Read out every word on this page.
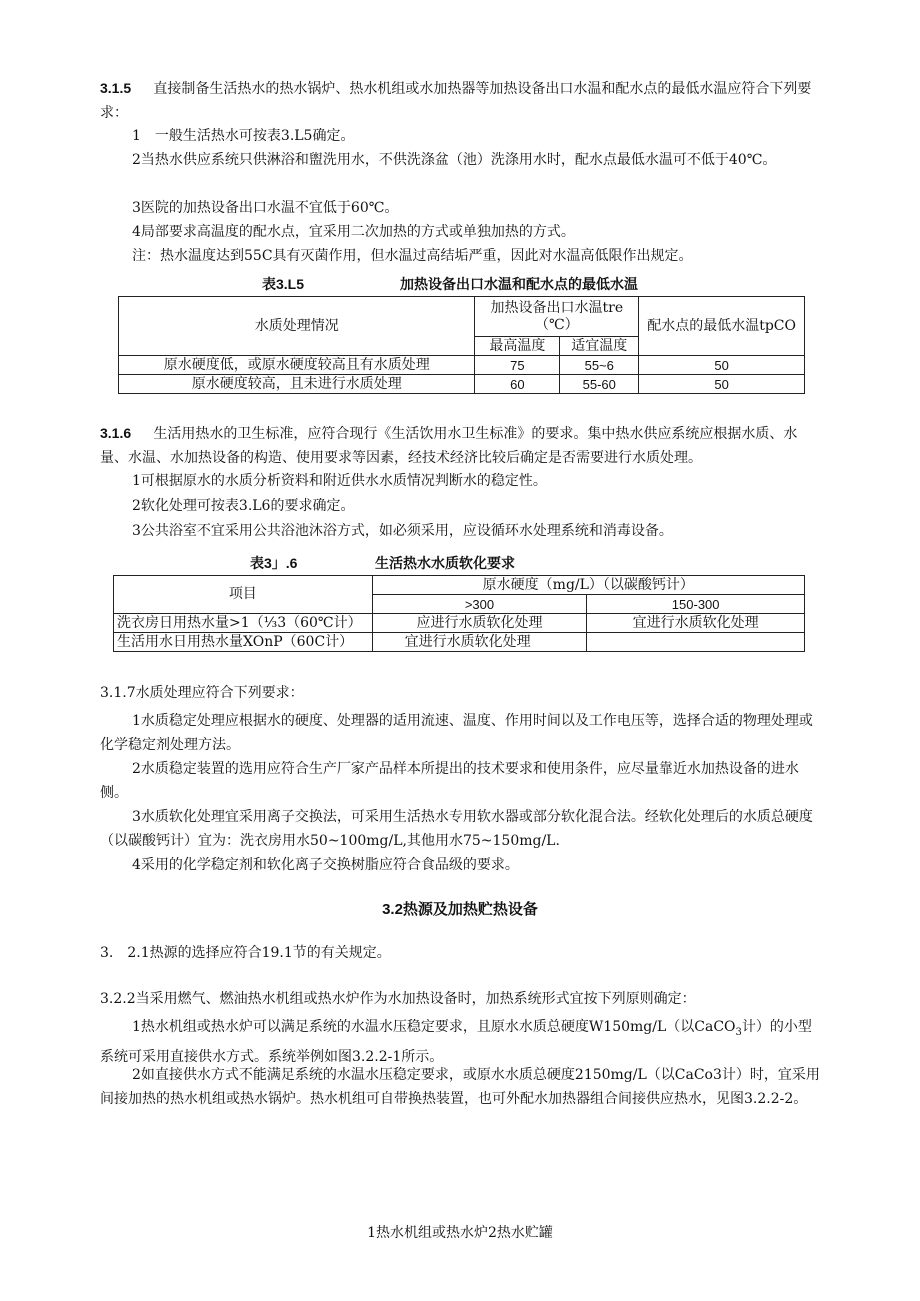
3.1.5 直接制备生活热水的热水锅炉、热水机组或水加热器等加热设备出口水温和配水点的最低水温应符合下列要求：

1　一般生活热水可按表3.L5确定。

2当热水供应系统只供淋浴和盥洗用水，不供洗涤盆（池）洗涤用水时，配水点最低水温可不低于40℃。

3医院的加热设备出口水温不宜低于60℃。

4局部要求高温度的配水点，宜采用二次加热的方式或单独加热的方式。

注：热水温度达到55C具有灭菌作用，但水温过高结垢严重，因此对水温高低限作出规定。

表3.L5	加热设备出口水温和配水点的最低水温
水质处理情况	加热设备出口水温tre（℃）		配水点的最低水温tpCO
	最高温度	适宜温度	
原水硬度低，或原水硬度较高且有水质处理	75	55~6	50
原水硬度较高，且未进行水质处理	60	55-60	50

3.1.6 生活用热水的卫生标准，应符合现行《生活饮用水卫生标准》的要求。集中热水供应系统应根据水质、水量、水温、水加热设备的构造、使用要求等因素，经技术经济比较后确定是否需要进行水质处理。

1可根据原水的水质分析资料和附近供水水质情况判断水的稳定性。

2软化处理可按表3.L6的要求确定。

3公共浴室不宜采用公共浴池沐浴方式，如必须采用，应设循环水处理系统和消毒设备。

表3」.6	生活热水水质软化要求
项目	原水硬度（mg/L）（以碳酸钙计）	
	>300	150-300
洗衣房日用热水量>1（⅓3（60℃计）	应进行水质软化处理	宜进行水质软化处理
生活用水日用热水量XOnP（60C计）	宜进行水质软化处理	

3.1.7水质处理应符合下列要求：

1水质稳定处理应根据水的硬度、处理器的适用流速、温度、作用时间以及工作电压等，选择合适的物理处理或化学稳定剂处理方法。

2水质稳定装置的选用应符合生产厂家产品样本所提出的技术要求和使用条件，应尽量靠近水加热设备的进水侧。

3水质软化处理宜采用离子交换法，可采用生活热水专用软水器或部分软化混合法。经软化处理后的水质总硬度（以碳酸钙计）宜为：洗衣房用水50~100mg/L,其他用水75~150mg/L.

4采用的化学稳定剂和软化离子交换树脂应符合食品级的要求。

3.2热源及加热贮热设备

3.　2.1热源的选择应符合19.1节的有关规定。

3.2.2当采用燃气、燃油热水机组或热水炉作为水加热设备时，加热系统形式宜按下列原则确定：

1热水机组或热水炉可以满足系统的水温水压稳定要求，且原水水质总硬度W150mg/L（以CaCO$_3$计）的小型系统可采用直接供水方式。系统举例如图3.2.2-1所示。

2如直接供水方式不能满足系统的水温水压稳定要求，或原水水质总硬度2150mg/L（以CaCo3计）时，宜采用间接加热的热水机组或热水锅炉。热水机组可自带换热装置，也可外配水加热器组合间接供应热水，见图3.2.2-2。

1热水机组或热水炉2热水贮罐
